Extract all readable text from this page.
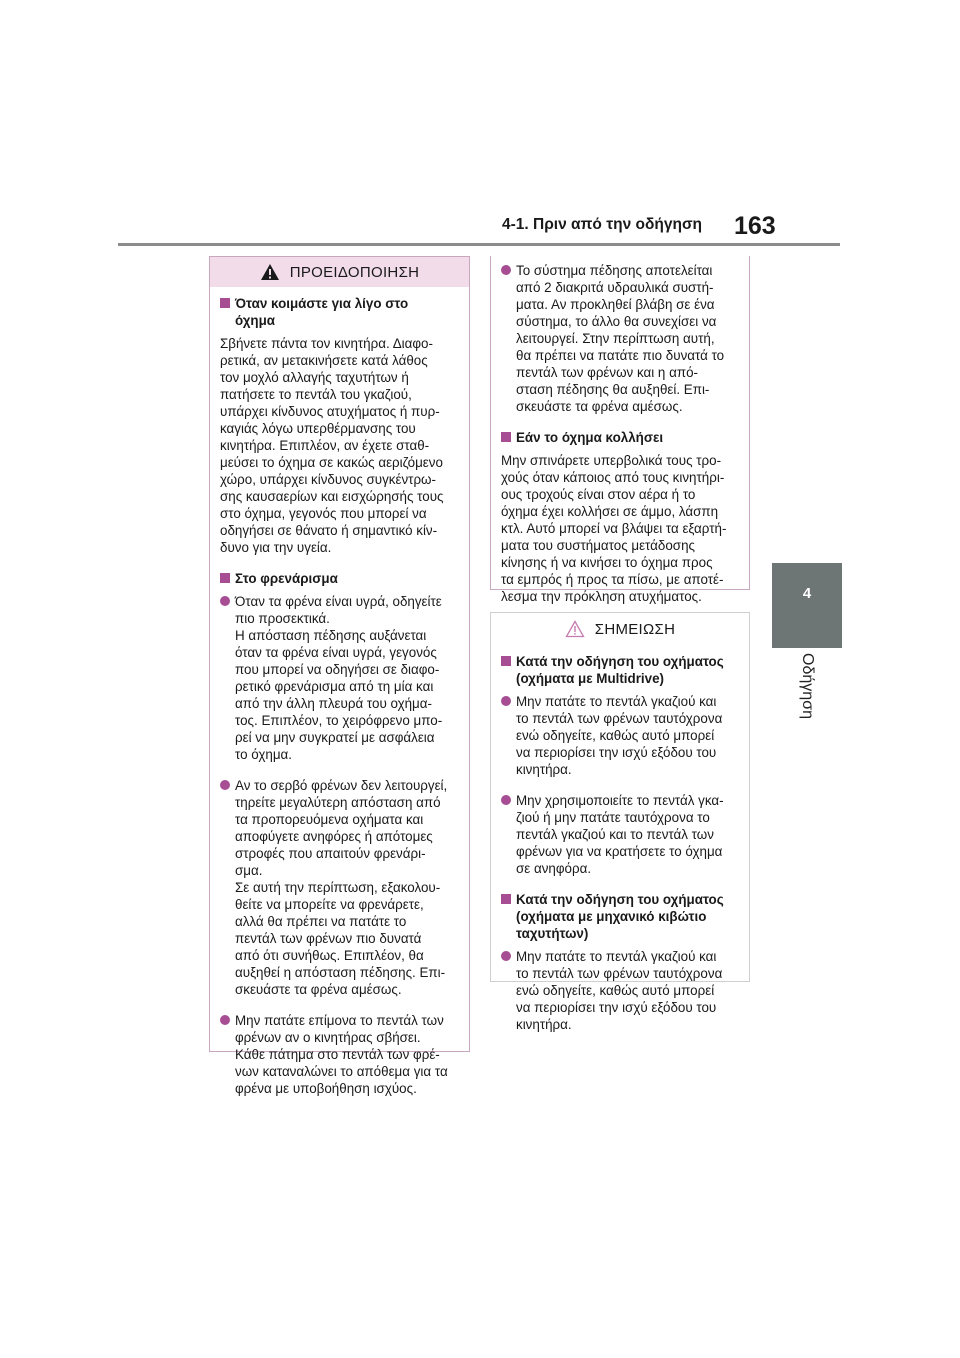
4-1. Πριν από την οδήγηση 163
4
Οδήγηση
ΠΡΟΕΙΔΟΠΟΙΗΣΗ
Όταν κοιμάστε για λίγο στο
όχημα

Σβήνετε πάντα τον κινητήρα. Διαφο-
ρετικά, αν μετακινήσετε κατά λάθος
τον μοχλό αλλαγής ταχυτήτων ή
πατήσετε το πεντάλ του γκαζιού,
υπάρχει κίνδυνος ατυχήματος ή πυρ-
καγιάς λόγω υπερθέρμανσης του
κινητήρα. Επιπλέον, αν έχετε σταθ-
μεύσει το όχημα σε κακώς αεριζόμενο
χώρο, υπάρχει κίνδυνος συγκέντρω-
σης καυσαερίων και εισχώρησής τους
στο όχημα, γεγονός που μπορεί να
οδηγήσει σε θάνατο ή σημαντικό κίν-
δυνο για την υγεία.

Στο φρενάρισμα
Όταν τα φρένα είναι υγρά, οδηγείτε
πιο προσεκτικά.
Η απόσταση πέδησης αυξάνεται
όταν τα φρένα είναι υγρά, γεγονός
που μπορεί να οδηγήσει σε διαφο-
ρετικό φρενάρισμα από τη μία και
από την άλλη πλευρά του οχήμα-
τος. Επιπλέον, το χειρόφρενο μπο-
ρεί να μην συγκρατεί με ασφάλεια
το όχημα.
Αν το σερβό φρένων δεν λειτουργεί,
τηρείτε μεγαλύτερη απόσταση από
τα προπορευόμενα οχήματα και
αποφύγετε ανηφόρες ή απότομες
στροφές που απαιτούν φρενάρι-
σμα.
Σε αυτή την περίπτωση, εξακολου-
θείτε να μπορείτε να φρενάρετε,
αλλά θα πρέπει να πατάτε το
πεντάλ των φρένων πιο δυνατά
από ότι συνήθως. Επιπλέον, θα
αυξηθεί η απόσταση πέδησης. Επι-
σκευάστε τα φρένα αμέσως.
Μην πατάτε επίμονα το πεντάλ των
φρένων αν ο κινητήρας σβήσει.
Κάθε πάτημα στο πεντάλ των φρέ-
νων καταναλώνει το απόθεμα για τα
φρένα με υποβοήθηση ισχύος.
Το σύστημα πέδησης αποτελείται
από 2 διακριτά υδραυλικά συστή-
ματα. Αν προκληθεί βλάβη σε ένα
σύστημα, το άλλο θα συνεχίσει να
λειτουργεί. Στην περίπτωση αυτή,
θα πρέπει να πατάτε πιο δυνατά το
πεντάλ των φρένων και η από-
σταση πέδησης θα αυξηθεί. Επι-
σκευάστε τα φρένα αμέσως.
Εάν το όχημα κολλήσει

Μην σπινάρετε υπερβολικά τους τρο-
χούς όταν κάποιος από τους κινητήρι-
ους τροχούς είναι στον αέρα ή το
όχημα έχει κολλήσει σε άμμο, λάσπη
κτλ. Αυτό μπορεί να βλάψει τα εξαρτή-
ματα του συστήματος μετάδοσης
κίνησης ή να κινήσει το όχημα προς
τα εμπρός ή προς τα πίσω, με αποτέ-
λεσμα την πρόκληση ατυχήματος.

ΣΗΜΕΙΩΣΗ
Κατά την οδήγηση του οχήματος
(οχήματα με Multidrive)
Μην πατάτε το πεντάλ γκαζιού και
το πεντάλ των φρένων ταυτόχρονα
ενώ οδηγείτε, καθώς αυτό μπορεί
να περιορίσει την ισχύ εξόδου του
κινητήρα.
Μην χρησιμοποιείτε το πεντάλ γκα-
ζιού ή μην πατάτε ταυτόχρονα το
πεντάλ γκαζιού και το πεντάλ των
φρένων για να κρατήσετε το όχημα
σε ανηφόρα.
Κατά την οδήγηση του οχήματος
(οχήματα με μηχανικό κιβώτιο
ταχυτήτων)
Μην πατάτε το πεντάλ γκαζιού και
το πεντάλ των φρένων ταυτόχρονα
ενώ οδηγείτε, καθώς αυτό μπορεί
να περιορίσει την ισχύ εξόδου του
κινητήρα.
